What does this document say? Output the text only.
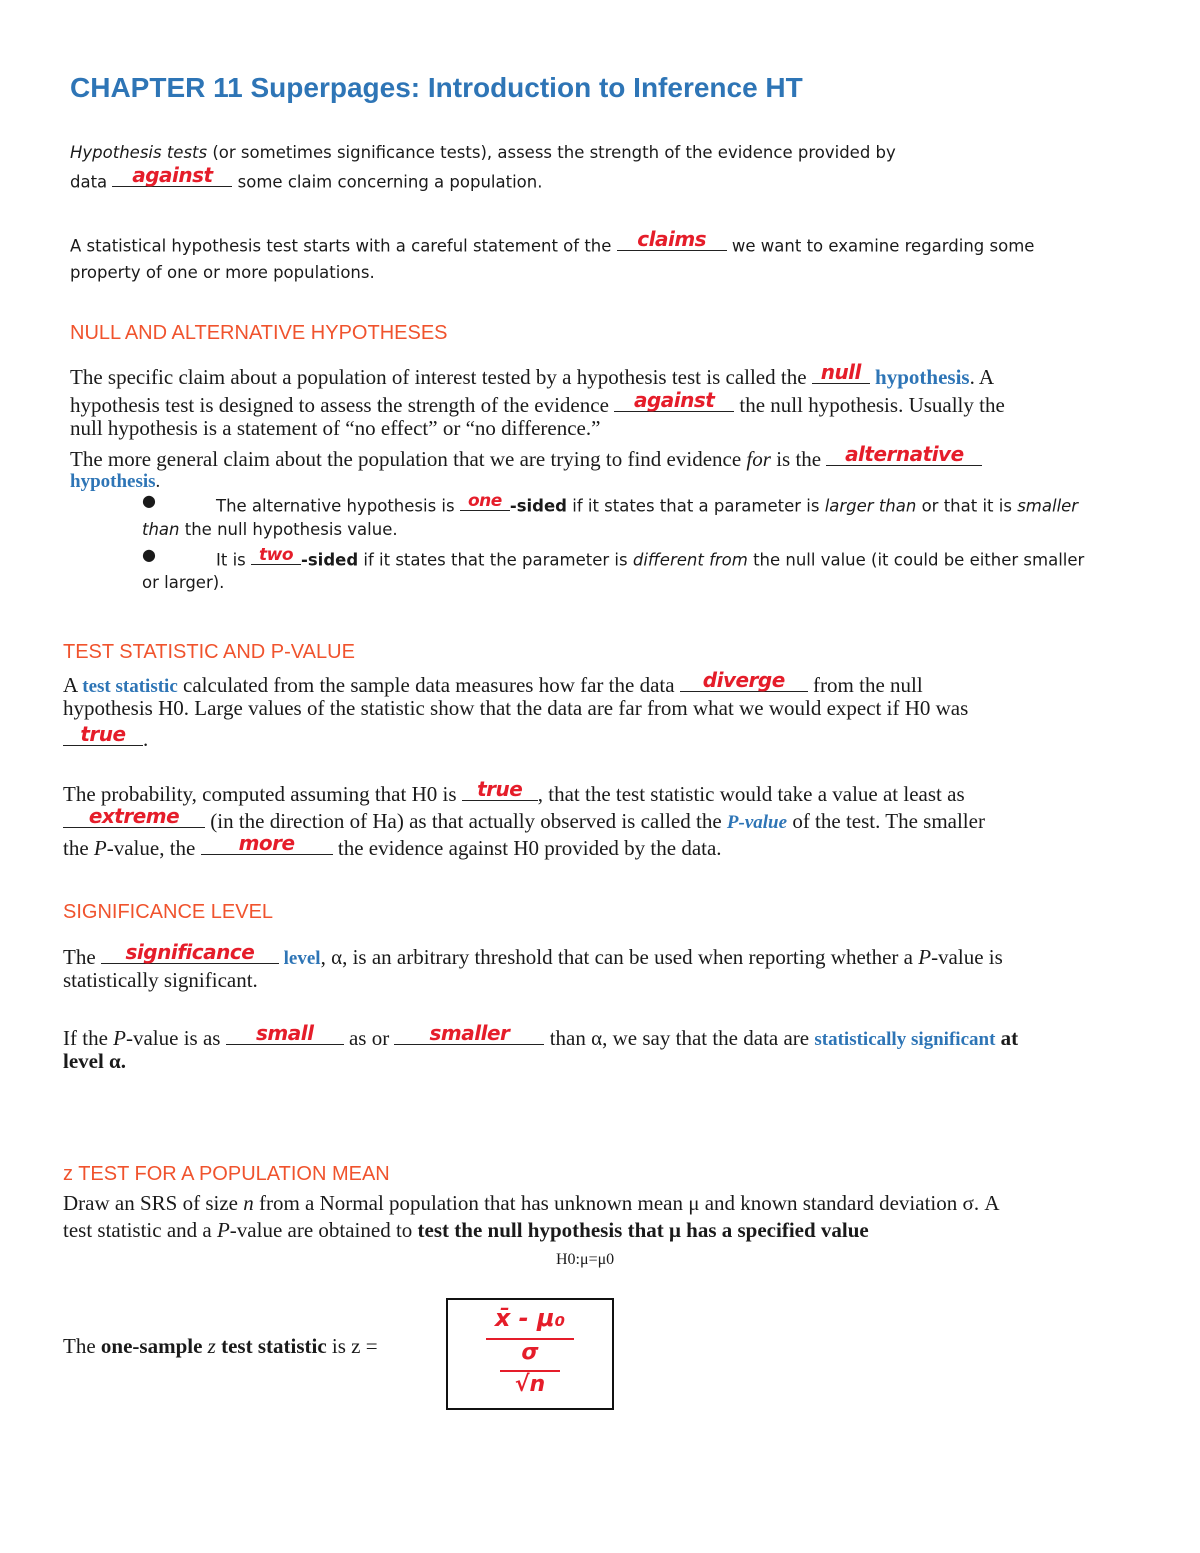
CHAPTER 11 Superpages: Introduction to Inference HT
Hypothesis tests (or sometimes significance tests), assess the strength of the evidence provided by
data against	some claim concerning a population.
A statistical hypothesis test starts with a careful statement of the	claims	we want to examine regarding some
property of one or more populations.
NULL AND ALTERNATIVE HYPOTHESES
The specific claim about a population of interest tested by a hypothesis test is called the null hypothesis. A
hypothesis test is designed to assess the strength of the evidence against the null hypothesis. Usually the
null hypothesis is a statement of “no effect” or “no difference.”
The more general claim about the population that we are trying to find evidence for is the alternative
hypothesis.
●	The alternative hypothesis is one -sided if it states that a parameter is larger than or that it is smaller
than the null hypothesis value.
●	It is two -sided if it states that the parameter is different from the null value (it could be either smaller
or larger).
TEST STATISTIC AND P-VALUE
A test statistic calculated from the sample data measures how far the data	diverge	from the null
hypothesis H0. Large values of the statistic show that the data are far from what we would expect if H0 was
true .
The probability, computed assuming that H0 is true , that the test statistic would take a value at least as
extreme	(in the direction of Ha) as that actually observed is called the P-value of the test. The smaller
the P-value, the	more	the evidence against H0 provided by the data.
SIGNIFICANCE LEVEL
The	significance	level, α, is an arbitrary threshold that can be used when reporting whether a P-value is
statistically significant.
If the P-value is as	small	as or	smaller	than α, we say that the data are statistically significant at
level α.
z TEST FOR A POPULATION MEAN
Draw an SRS of size n from a Normal population that has unknown mean μ and known standard deviation σ. A
test statistic and a P-value are obtained to test the null hypothesis that μ has a specified value
H0:μ=μ0
The one-sample z test statistic is z =
x̄ - μ₀
σ
√n
